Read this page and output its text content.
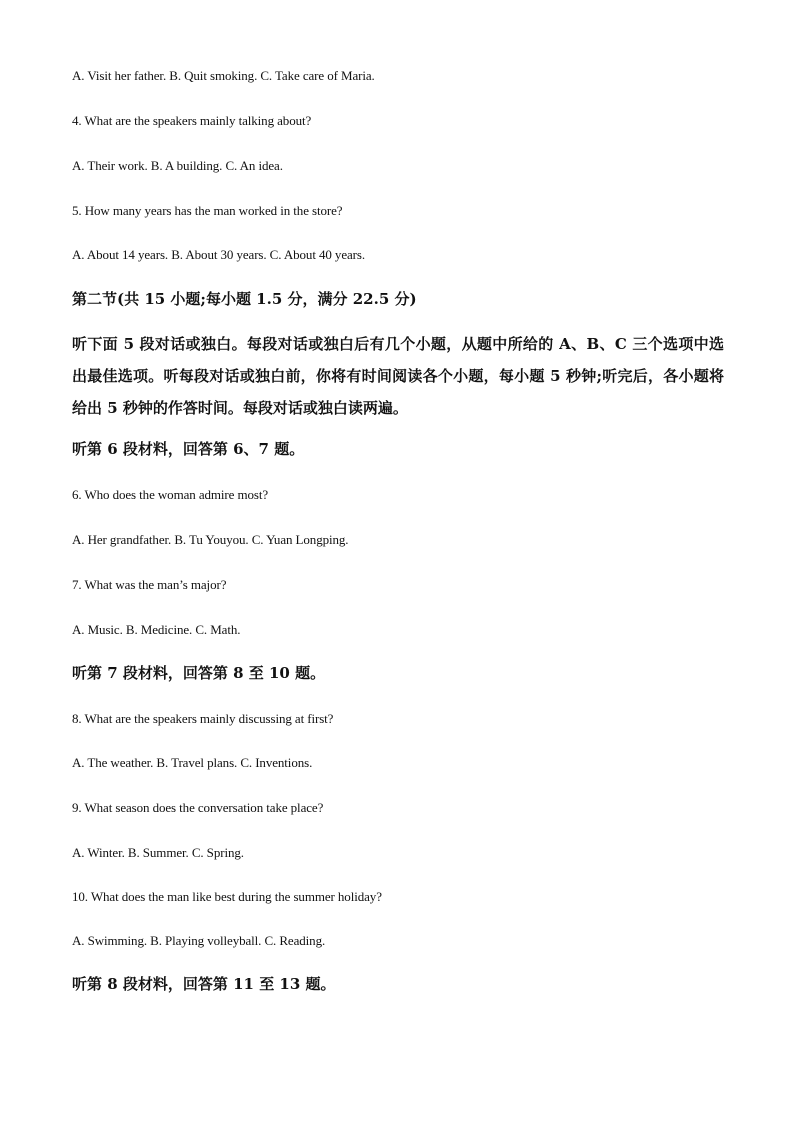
A. Visit her father. B. Quit smoking. C. Take care of Maria.
4. What are the speakers mainly talking about?
A. Their work. B. A building. C. An idea.
5. How many years has the man worked in the store?
A. About 14 years. B. About 30 years. C. About 40 years.
第二节(共 15 小题;每小题 1.5 分，满分 22.5 分)
听下面 5 段对话或独白。每段对话或独白后有几个小题，从题中所给的 A、B、C 三个选项中选出最佳选项。听每段对话或独白前，你将有时间阅读各个小题，每小题 5 秒钟;听完后，各小题将给出 5 秒钟的作答时间。每段对话或独白读两遍。
听第 6 段材料，回答第 6、7 题。
6. Who does the woman admire most?
A. Her grandfather. B. Tu Youyou. C. Yuan Longping.
7. What was the man’s major?
A. Music. B. Medicine. C. Math.
听第 7 段材料，回答第 8 至 10 题。
8. What are the speakers mainly discussing at first?
A. The weather. B. Travel plans. C. Inventions.
9. What season does the conversation take place?
A. Winter. B. Summer. C. Spring.
10. What does the man like best during the summer holiday?
A. Swimming. B. Playing volleyball. C. Reading.
听第 8 段材料，回答第 11 至 13 题。
